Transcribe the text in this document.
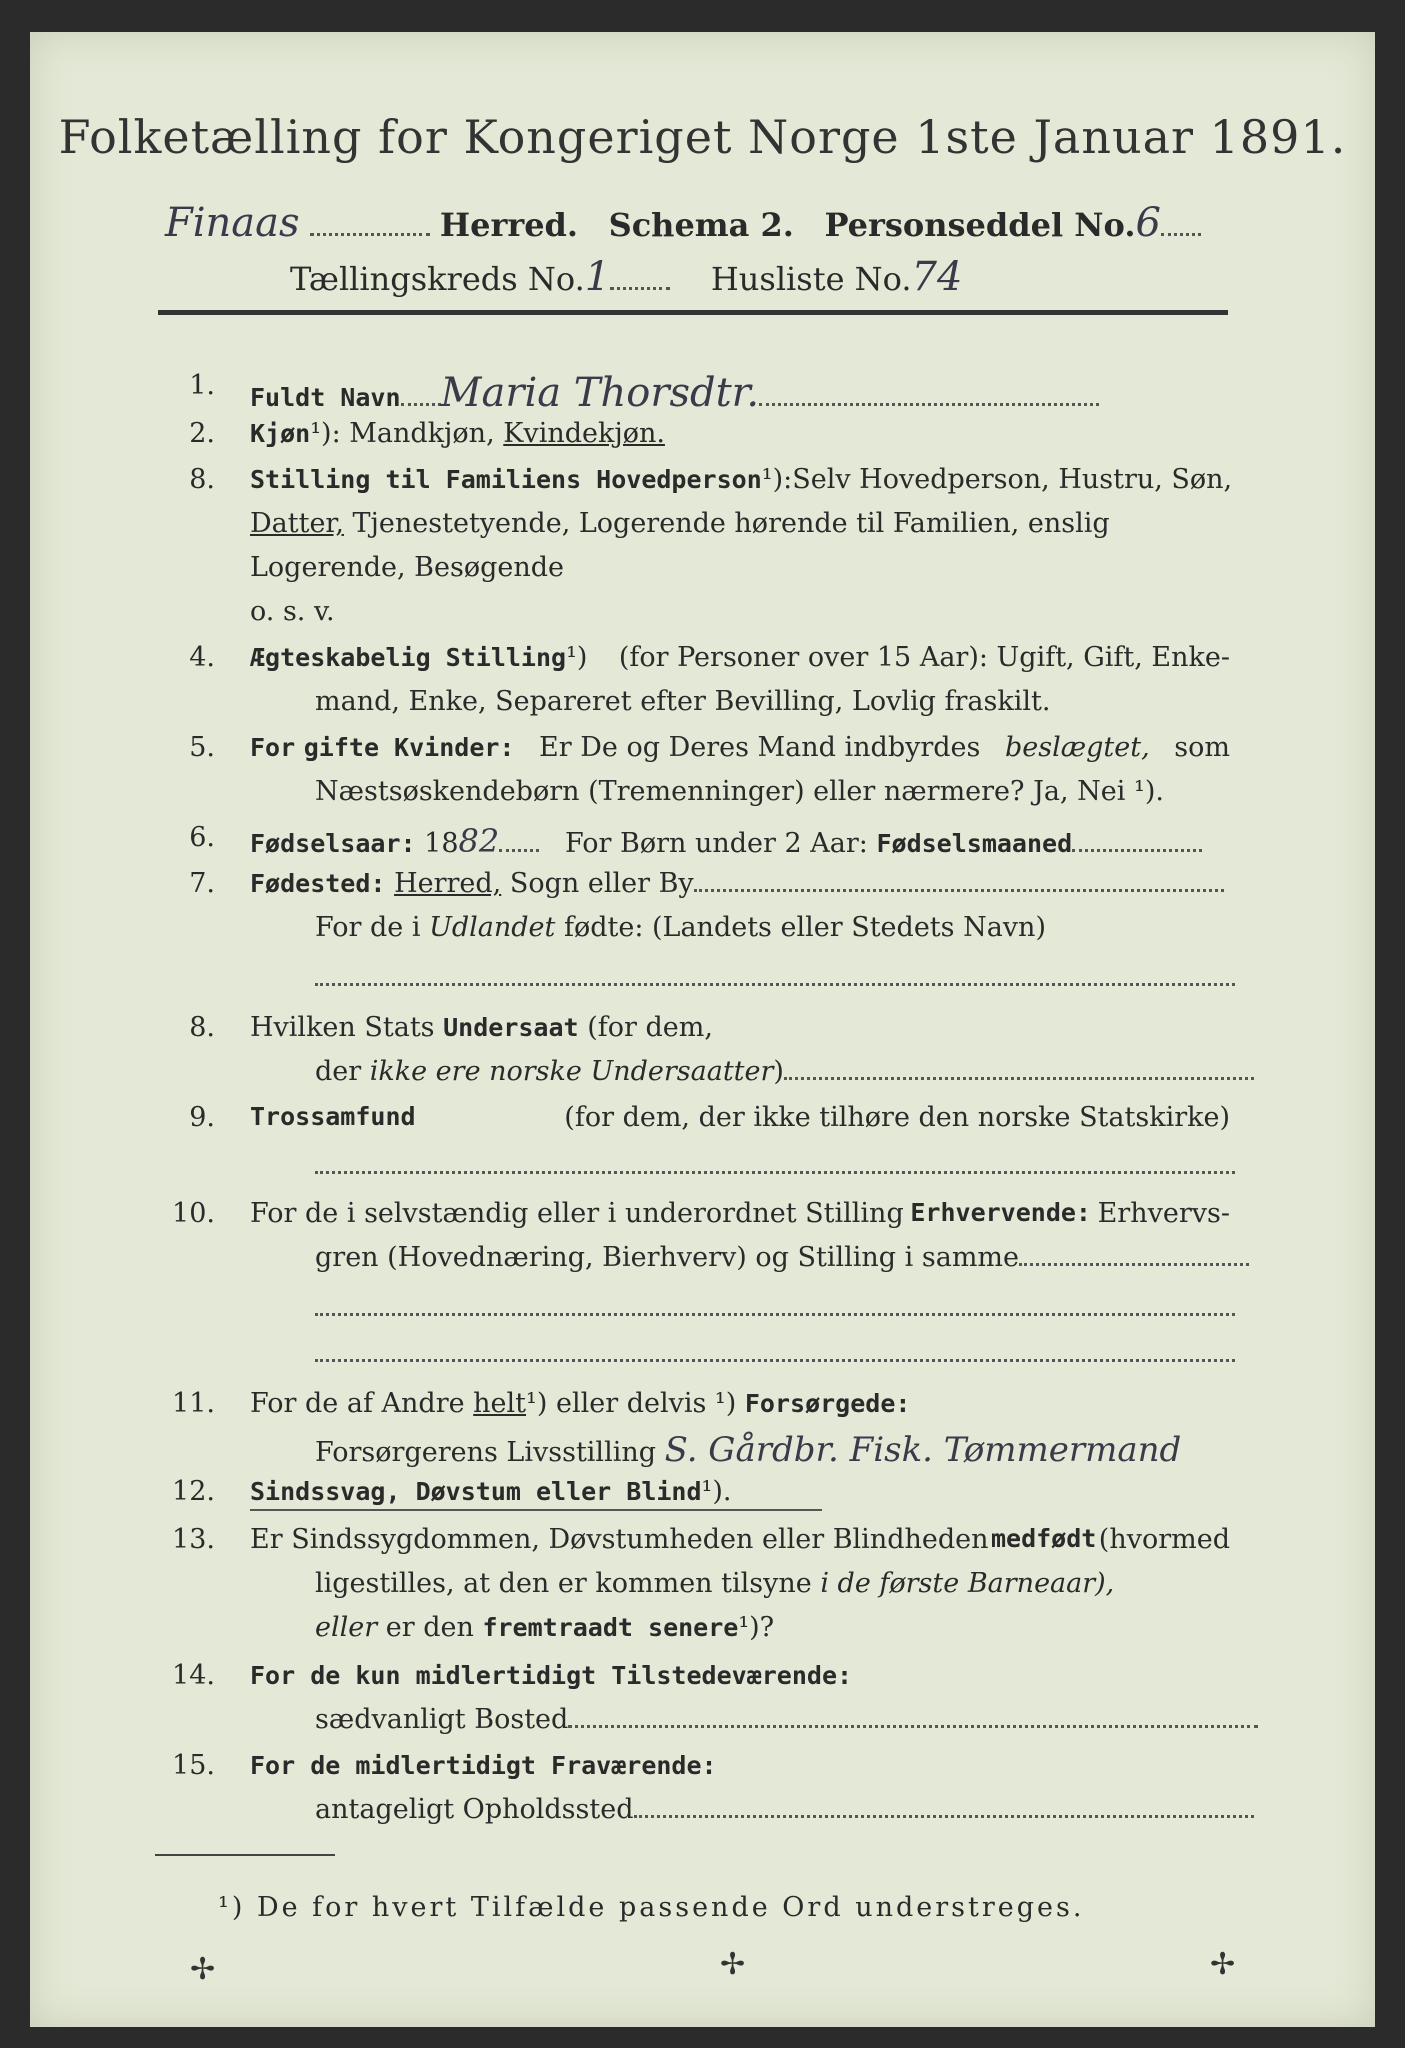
Folketælling for Kongeriget Norge 1ste Januar 1891.
Finaas	Herred. Schema 2. Personseddel No.6
Tællingskreds No.1	Husliste No.74
1. Fuldt Navn Maria Thorsdtr.
2. Kjøn¹): Mandkjøn, Kvindekjøn.
8. Stilling til Familiens Hovedperson¹): Selv Hovedperson, Hustru, Søn,
Datter, Tjenestetyende, Logerende hørende til Familien, enslig
Logerende, Besøgende
o. s. v.
4. Ægteskabelig Stilling¹) (for Personer over 15 Aar): Ugift, Gift, Enke-
mand, Enke, Separeret efter Bevilling, Lovlig fraskilt.
5. For gifte Kvinder: Er De og Deres Mand indbyrdes beslægtet, som
Næstsøskendebørn (Tremenninger) eller nærmere? Ja, Nei ¹).
6. Fødselsaar: 1882 For Børn under 2 Aar: Fødselsmaaned
7. Fødested: Herred, Sogn eller By
For de i Udlandet fødte: (Landets eller Stedets Navn)
8. Hvilken Stats Undersaat (for dem,
der ikke ere norske Undersaatter)
9. Trossamfund	(for dem, der ikke tilhøre den norske Statskirke)
10. For de i selvstændig eller i underordnet Stilling Erhvervende: Erhvervs-
gren (Hovednæring, Bierhverv) og Stilling i samme
11. For de af Andre helt¹) eller delvis ¹) Forsørgede:
Forsørgerens Livsstilling S. Gårdbr. Fisk. Tømmermand
12. Sindssvag, Døvstum eller Blind¹).
13. Er Sindssygdommen, Døvstumheden eller Blindheden medfødt (hvormed
ligestilles, at den er kommen tilsyne i de første Barneaar),
eller er den fremtraadt senere¹)?
14. For de kun midlertidigt Tilstedeværende:
sædvanligt Bosted
15. For de midlertidigt Fraværende:
antageligt Opholdssted
¹) De for hvert Tilfælde passende Ord understreges.
✢	✢	✢
